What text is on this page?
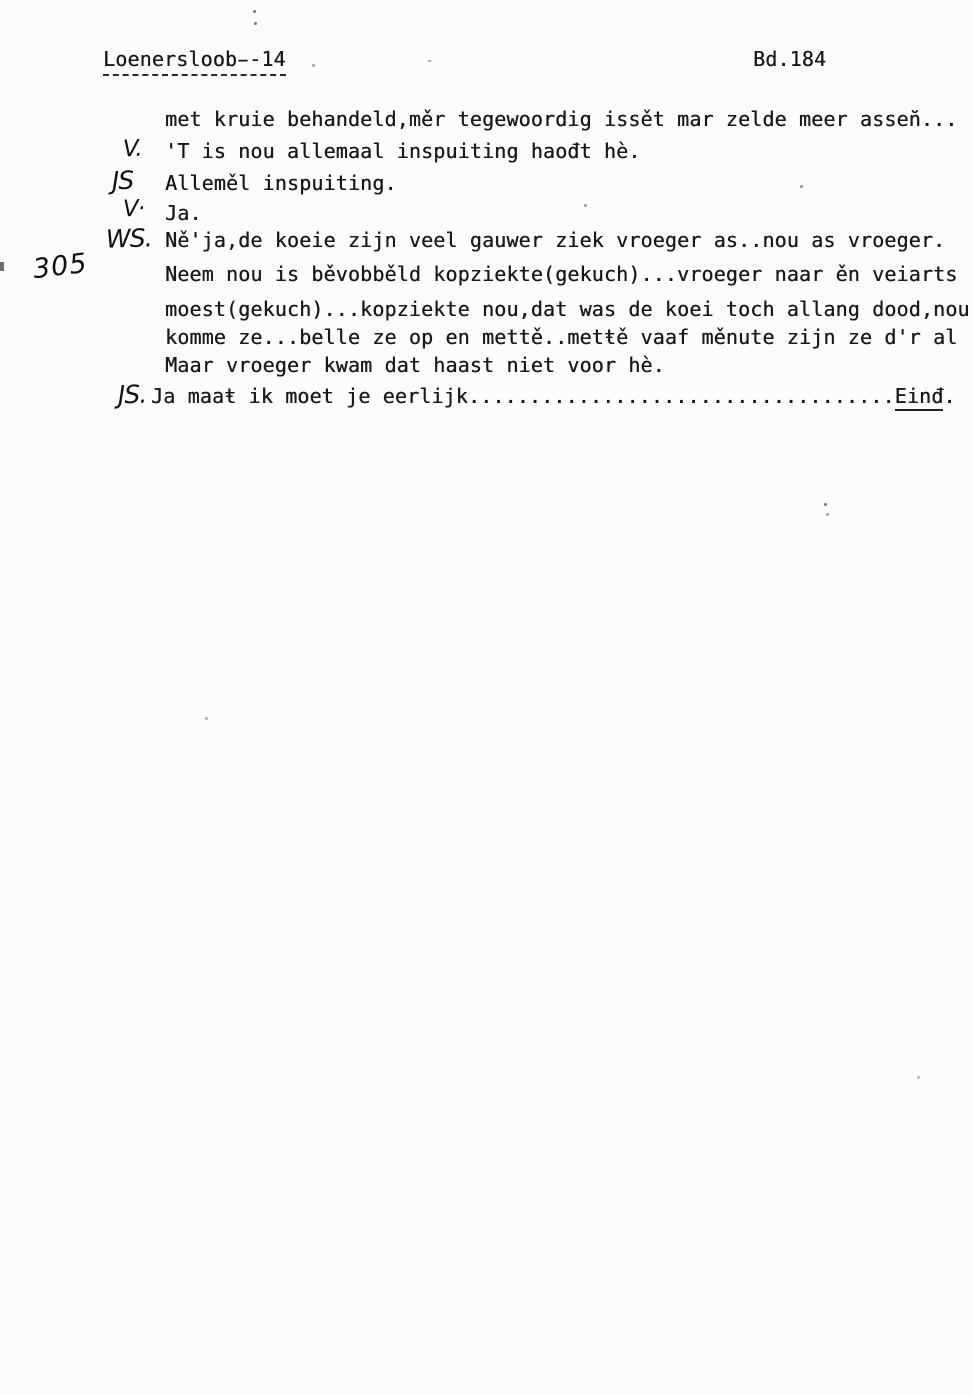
Loenersloob̵-14	Bd.184
305
V.
JS
V·
WS.
JS.
met kruie behandeld,měr tegewoordig issět mar zelde meer assen̆...
'T is nou allemaal inspuiting haođt hè.
Alleměl inspuiting.
Ja.
Ně'ja,de koeie zijn veel gauwer ziek vroeger as..nou as vroeger.
Neem nou is běvobběld kopziekte(gekuch)...vroeger naar ěn veiarts
moest(gekuch)...kopziekte nou,dat was de koei toch allang dood,nou
komme ze...belle ze op en mettě..metŧě vaaf měnute zijn ze d'r al
Maar vroeger kwam dat haast niet voor hè.
Ja maaŧ ik moet je eerlijk...................................Einđ.
